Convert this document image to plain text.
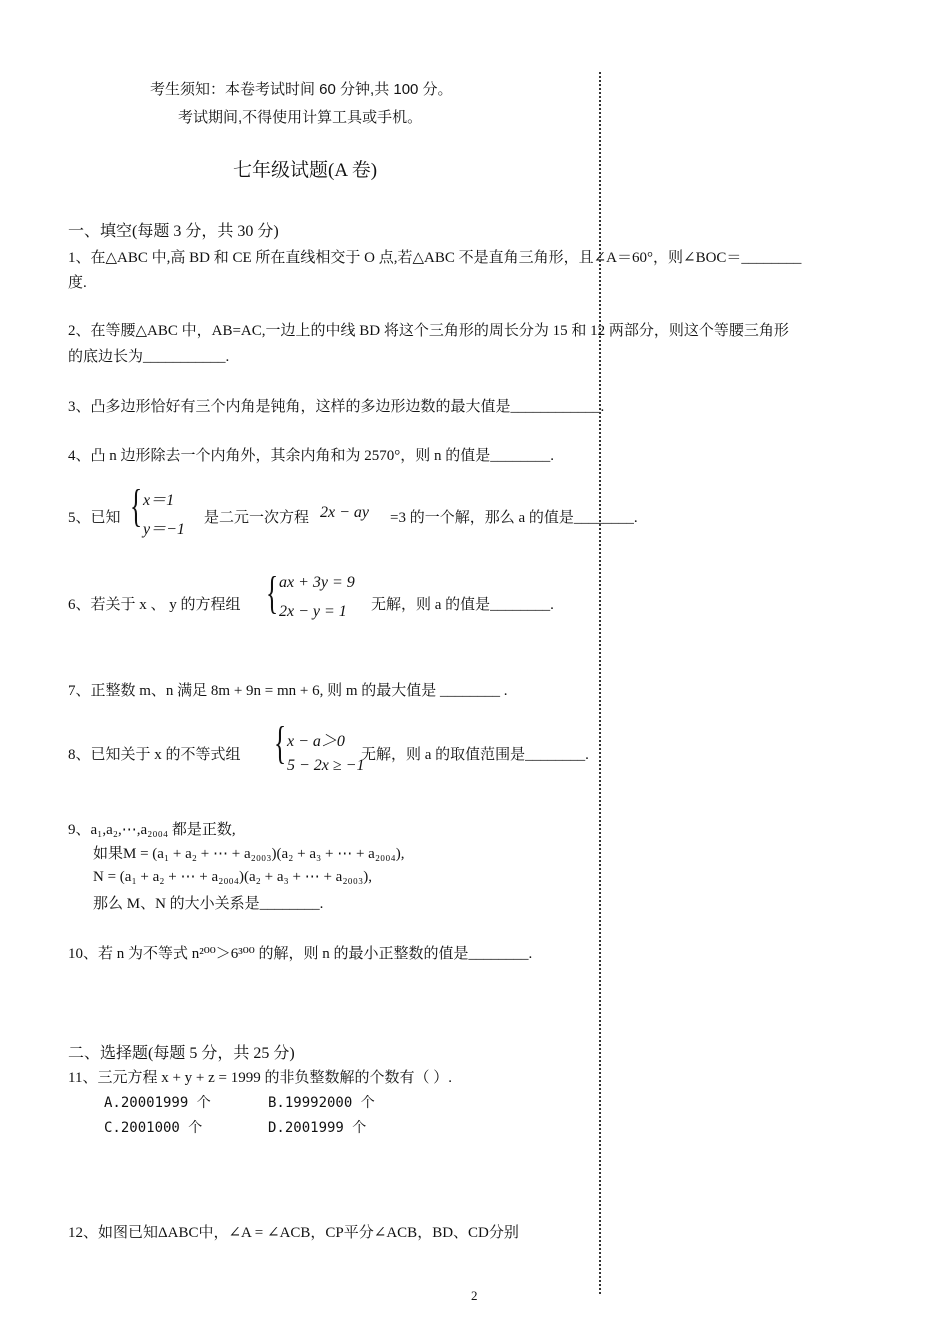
考生须知：本卷考试时间 60 分钟,共 100 分。
考试期间,不得使用计算工具或手机。
七年级试题(A 卷)
一、填空(每题 3 分，共 30 分)
1、在△ABC 中,高 BD 和 CE 所在直线相交于 O 点,若△ABC 不是直角三角形，且∠A＝60°，则∠BOC＝________
度.
2、在等腰△ABC 中，AB=AC,一边上的中线 BD 将这个三角形的周长分为 15 和 12 两部分，则这个等腰三角形
的底边长为___________.
3、凸多边形恰好有三个内角是钝角，这样的多边形边数的最大值是____________.
4、凸 n 边形除去一个内角外，其余内角和为 2570°，则 n 的值是________.
5、已知 { x＝1
y＝−1
是二元一次方程 2x − ay =3 的一个解，那么 a 的值是________.
6、若关于 x 、 y 的方程组 { ax + 3y = 9
2x − y = 1 无解，则 a 的值是________.
7、正整数 m、n 满足 8m + 9n = mn + 6, 则 m 的最大值是 ________ .
8、已知关于 x 的不等式组 { x − a＞0
5 − 2x ≥ −1
无解，则 a 的取值范围是________.
9、a₁,a₂,⋯,a₂₀₀₄ 都是正数,
如果M = (a₁ + a₂ + ⋯ + a₂₀₀₃)(a₂ + a₃ + ⋯ + a₂₀₀₄),
N = (a₁ + a₂ + ⋯ + a₂₀₀₄)(a₂ + a₃ + ⋯ + a₂₀₀₃),
那么 M、N 的大小关系是________.
10、若 n 为不等式 n²⁰⁰＞6³⁰⁰ 的解，则 n 的最小正整数的值是________.
二、选择题(每题 5 分，共 25 分)
11、三元方程 x + y + z = 1999 的非负整数解的个数有（ ）.
A.20001999 个	B.19992000 个
C.2001000 个	D.2001999 个
12、如图已知ΔABC中，∠A = ∠ACB，CP平分∠ACB，BD、CD分别
2
